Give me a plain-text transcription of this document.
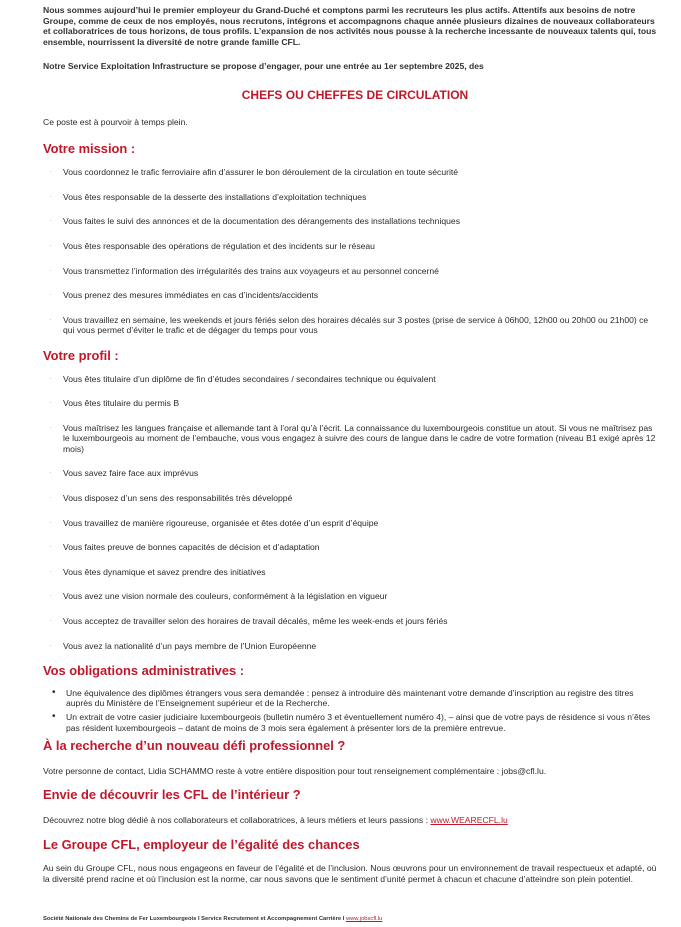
Nous sommes aujourd’hui le premier employeur du Grand-Duché et comptons parmi les recruteurs les plus actifs. Attentifs aux besoins de notre Groupe, comme de ceux de nos employés, nous recrutons, intégrons et accompagnons chaque année plusieurs dizaines de nouveaux collaborateurs et collaboratrices de tous horizons, de tous profils. L’expansion de nos activités nous pousse à la recherche incessante de nouveaux talents qui, tous ensemble, nourrissent la diversité de notre grande famille CFL.

Notre Service Exploitation Infrastructure se propose d’engager, pour une entrée au 1er septembre 2025, des

CHEFS OU CHEFFES DE CIRCULATION

Ce poste est à pourvoir à temps plein.

Votre mission :
· Vous coordonnez le trafic ferroviaire afin d’assurer le bon déroulement de la circulation en toute sécurité
· Vous êtes responsable de la desserte des installations d’exploitation techniques
· Vous faites le suivi des annonces et de la documentation des dérangements des installations techniques
· Vous êtes responsable des opérations de régulation et des incidents sur le réseau
· Vous transmettez l’information des irrégularités des trains aux voyageurs et au personnel concerné
· Vous prenez des mesures immédiates en cas d’incidents/accidents
· Vous travaillez en semaine, les weekends et jours fériés selon des horaires décalés sur 3 postes (prise de service à 06h00, 12h00 ou 20h00 ou 21h00) ce qui vous permet d’éviter le trafic et de dégager du temps pour vous
Votre profil :
· Vous êtes titulaire d’un diplôme de fin d’études secondaires / secondaires technique ou équivalent
· Vous êtes titulaire du permis B
· Vous maîtrisez les langues française et allemande tant à l’oral qu’à l’écrit. La connaissance du luxembourgeois constitue un atout. Si vous ne maîtrisez pas le luxembourgeois au moment de l’embauche, vous vous engagez à suivre des cours de langue dans le cadre de votre formation (niveau B1 exigé après 12 mois)
· Vous savez faire face aux imprévus
· Vous disposez d’un sens des responsabilités très développé
· Vous travaillez de manière rigoureuse, organisée et êtes dotée d’un esprit d’équipe
· Vous faites preuve de bonnes capacités de décision et d’adaptation
· Vous êtes dynamique et savez prendre des initiatives
· Vous avez une vision normale des couleurs, conformément à la législation en vigueur
· Vous acceptez de travailler selon des horaires de travail décalés, même les week-ends et jours fériés
· Vous avez la nationalité d’un pays membre de l’Union Européenne
Vos obligations administratives :
• Une équivalence des diplômes étrangers vous sera demandée : pensez à introduire dès maintenant votre demande d’inscription au registre des titres auprès du Ministère de l’Enseignement supérieur et de la Recherche.
• Un extrait de votre casier judiciaire luxembourgeois (bulletin numéro 3 et éventuellement numéro 4), – ainsi que de votre pays de résidence si vous n’êtes pas résident luxembourgeois – datant de moins de 3 mois sera également à présenter lors de la première entrevue.
À la recherche d’un nouveau défi professionnel ?

Votre personne de contact, Lidia SCHAMMO reste à votre entière disposition pour tout renseignement complémentaire : jobs@cfl.lu.

Envie de découvrir les CFL de l’intérieur ?

Découvrez notre blog dédié à nos collaborateurs et collaboratrices, à leurs métiers et leurs passions : www.WEARECFL.lu

Le Groupe CFL, employeur de l’égalité des chances

Au sein du Groupe CFL, nous nous engageons en faveur de l’égalité et de l’inclusion. Nous œuvrons pour un environnement de travail respectueux et adapté, où la diversité prend racine et où l’inclusion est la norme, car nous savons que le sentiment d’unité permet à chacun et chacune d’atteindre son plein potentiel.

Société Nationale des Chemins de Fer Luxembourgeois I Service Recrutement et Accompagnement Carrière I www.jobscfl.lu
